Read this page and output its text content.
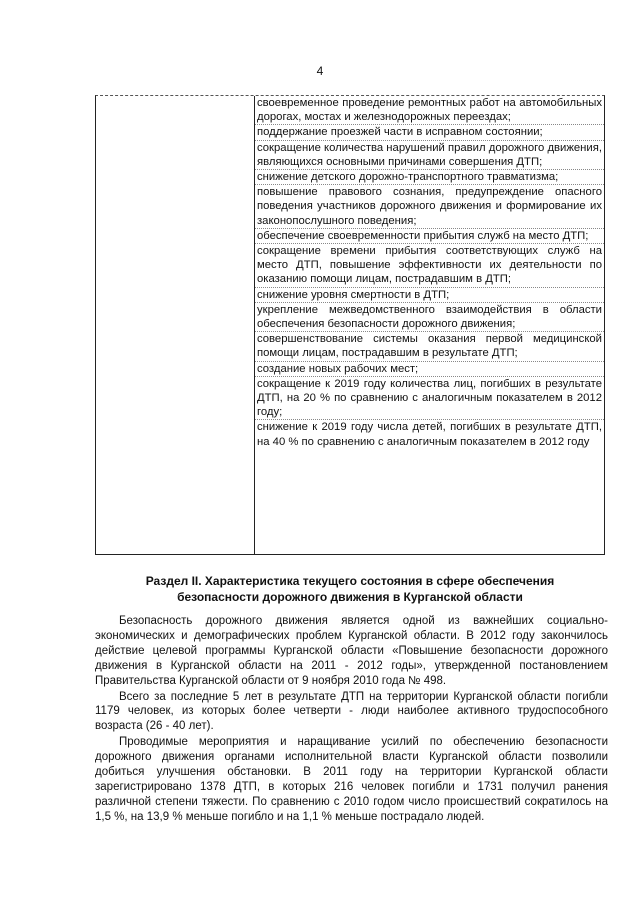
4
своевременное проведение ремонтных работ на автомобильных дорогах, мостах и железнодорожных переездах;
поддержание проезжей части в исправном состоянии;
сокращение количества нарушений правил дорожного движения, являющихся основными причинами совершения ДТП;
снижение детского дорожно-транспортного травматизма;
повышение правового сознания, предупреждение опасного поведения участников дорожного движения и формирование их законопослушного поведения;
обеспечение своевременности прибытия служб на место ДТП;
сокращение времени прибытия соответствующих служб на место ДТП, повышение эффективности их деятельности по оказанию помощи лицам, пострадавшим в ДТП;
снижение уровня смертности в ДТП;
укрепление межведомственного взаимодействия в области обеспечения безопасности дорожного движения;
совершенствование системы оказания первой медицинской помощи лицам, пострадавшим в результате ДТП;
создание новых рабочих мест;
сокращение к 2019 году количества лиц, погибших в результате ДТП, на 20 % по сравнению с аналогичным показателем в 2012 году;
снижение к 2019 году числа детей, погибших в результате ДТП, на 40 % по сравнению с аналогичным показателем в 2012 году
Раздел II. Характеристика текущего состояния в сфере обеспечения
безопасности дорожного движения в Курганской области

Безопасность дорожного движения является одной из важнейших социально-экономических и демографических проблем Курганской области. В 2012 году закончилось действие целевой программы Курганской области «Повышение безопасности дорожного движения в Курганской области на 2011 - 2012 годы», утвержденной постановлением Правительства Курганской области от 9 ноября 2010 года № 498.

Всего за последние 5 лет в результате ДТП на территории Курганской области погибли 1179 человек, из которых более четверти - люди наиболее активного трудоспособного возраста (26 - 40 лет).

Проводимые мероприятия и наращивание усилий по обеспечению безопасности дорожного движения органами исполнительной власти Курганской области позволили добиться улучшения обстановки. В 2011 году на территории Курганской области зарегистрировано 1378 ДТП, в которых 216 человек погибли и 1731 получил ранения различной степени тяжести. По сравнению с 2010 годом число происшествий сократилось на 1,5 %, на 13,9 % меньше погибло и на 1,1 % меньше пострадало людей.
